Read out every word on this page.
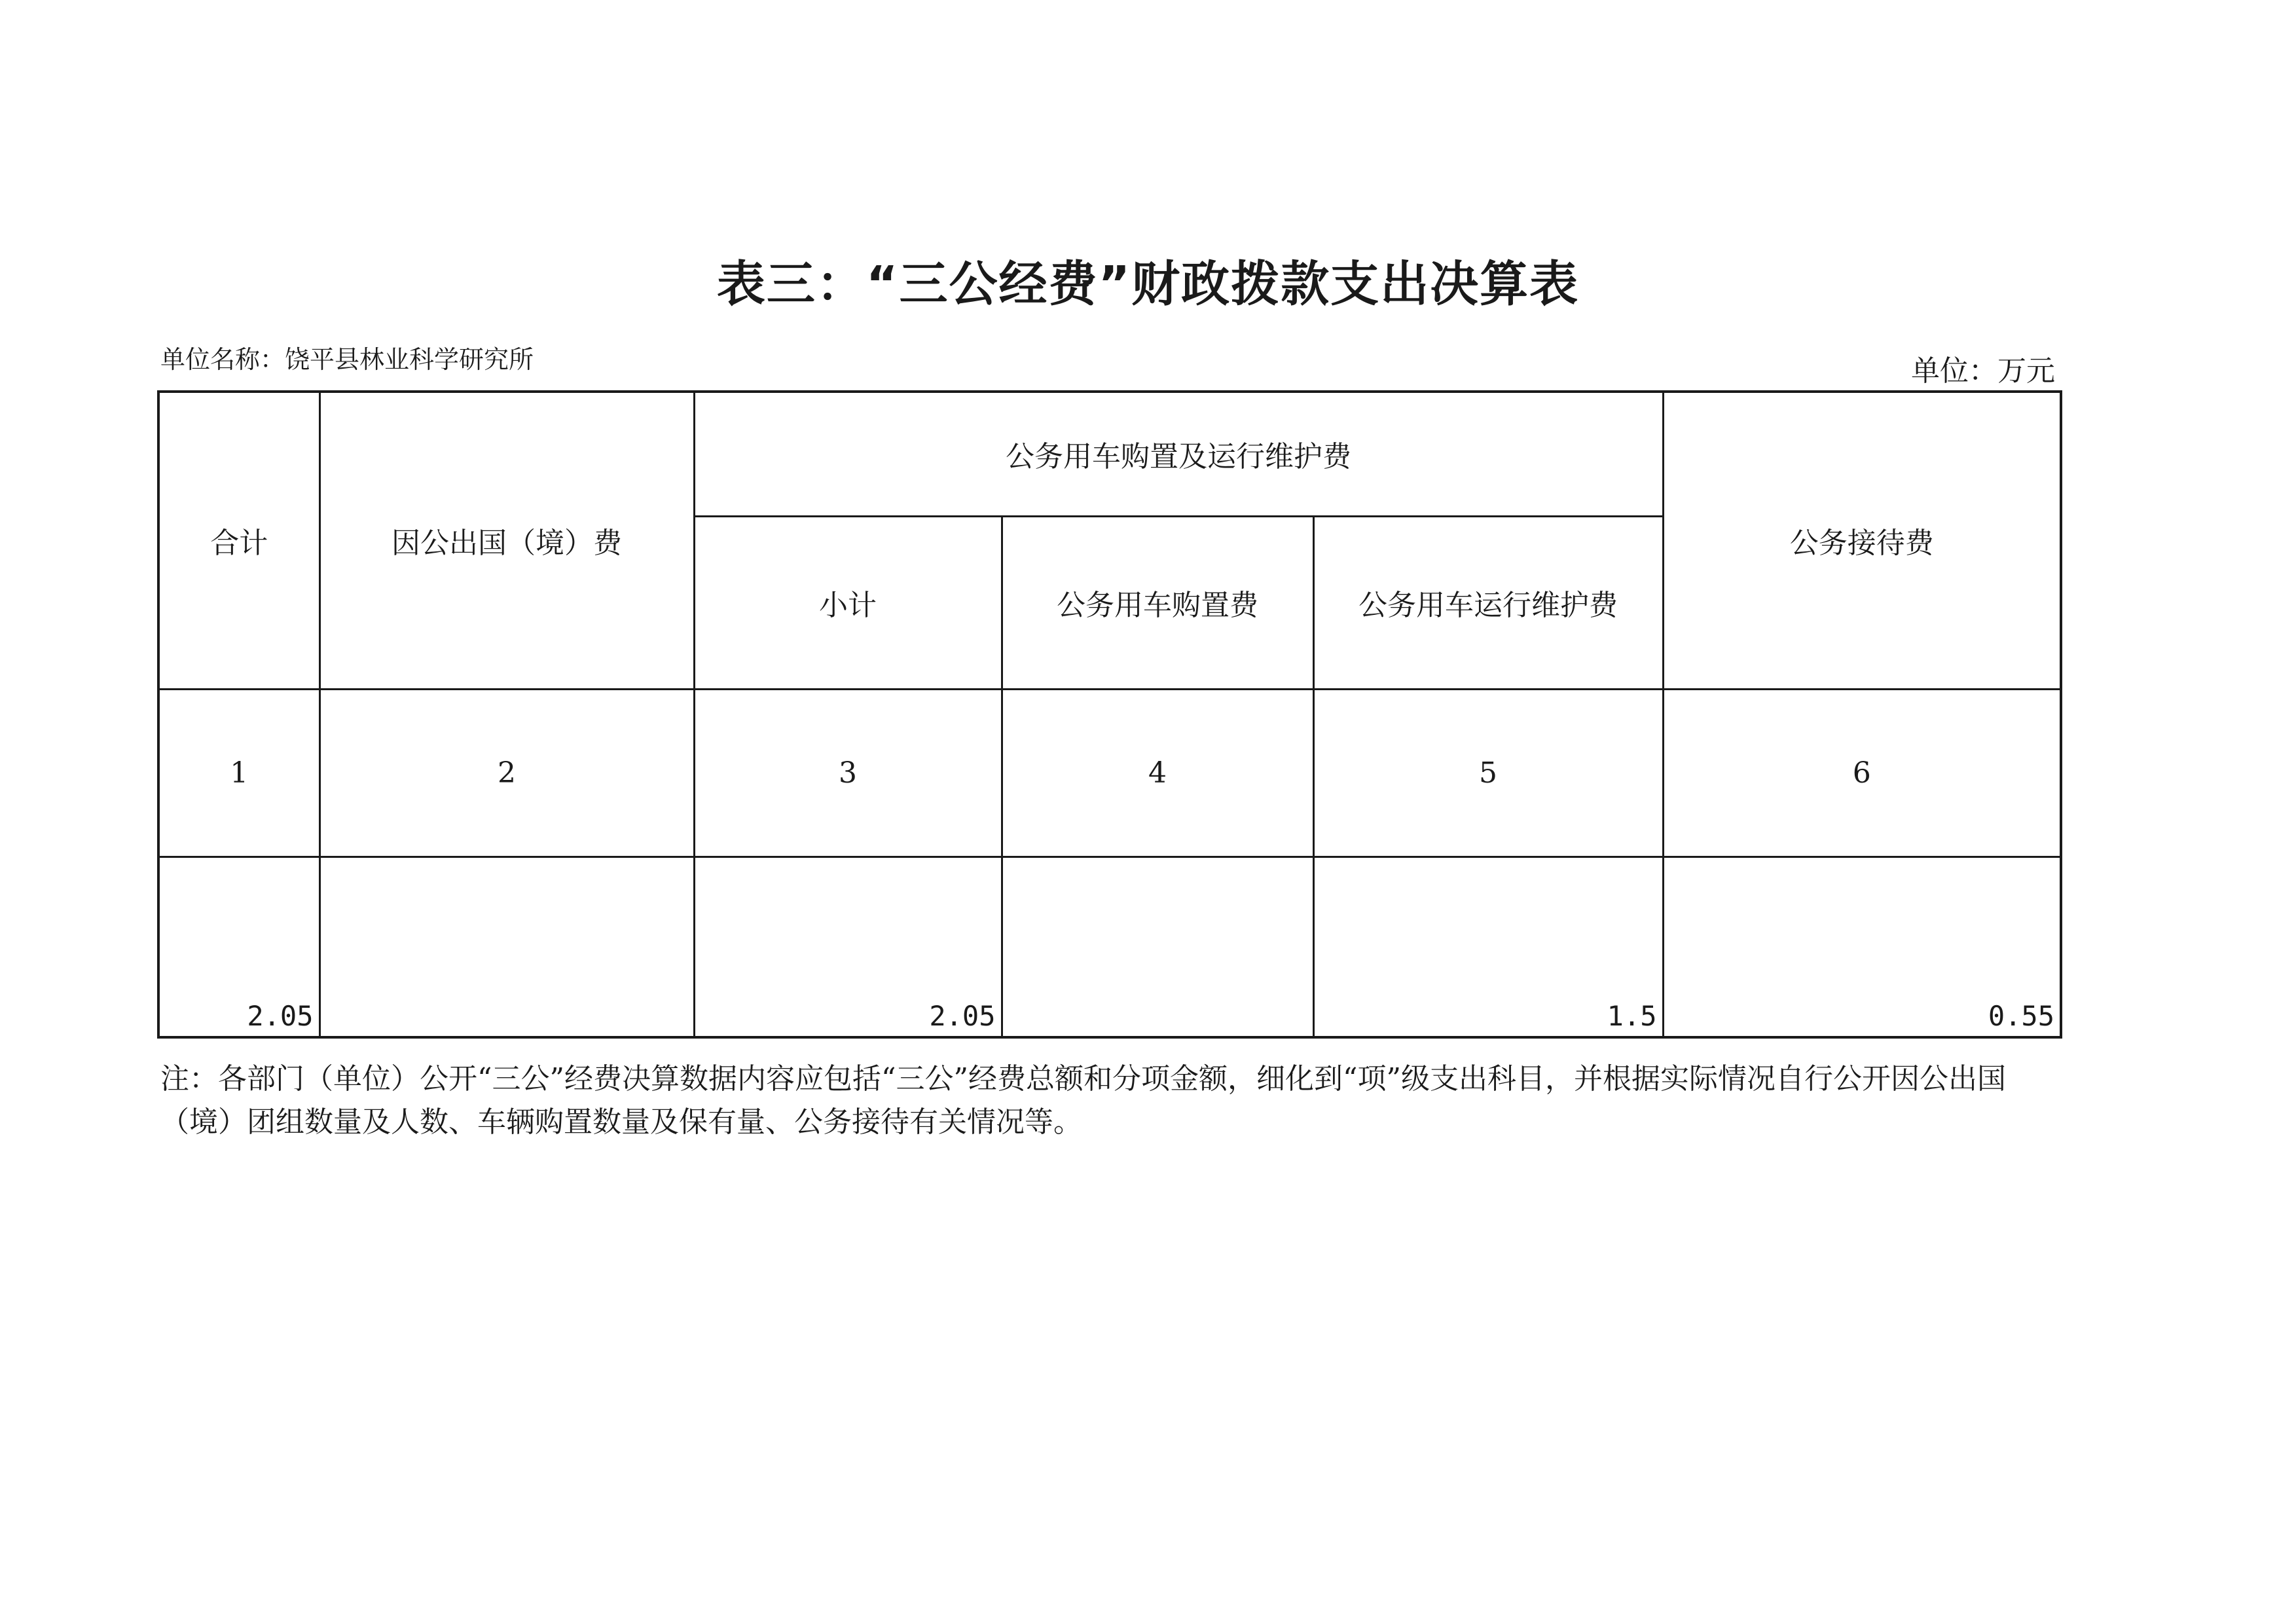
表三：“三公经费”财政拨款支出决算表
单位名称：饶平县林业科学研究所	单位：万元
合计	因公出国（境）费	公务用车购置及运行维护费			公务接待费
		小计	公务用车购置费	公务用车运行维护费	
1	2	3	4	5	6
2.05		2.05		1.5	0.55
注：各部门（单位）公开“三公”经费决算数据内容应包括“三公”经费总额和分项金额，细化到“项”级支出科目，并根据实际情况自行公开因公出国（境）团组数量及人数、车辆购置数量及保有量、公务接待有关情况等。
